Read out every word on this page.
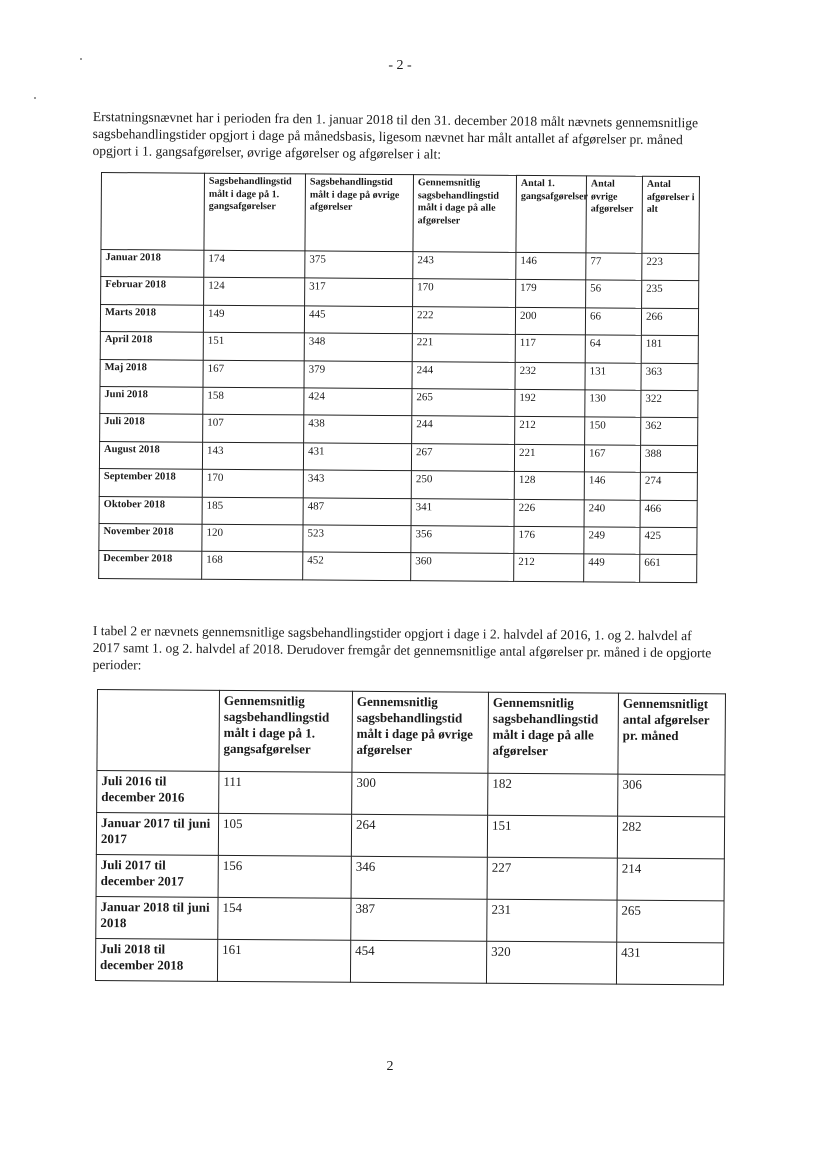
- 2 -

Erstatningsnævnet har i perioden fra den 1. januar 2018 til den 31. december 2018 målt nævnets gennemsnitlige sagsbehandlingstider opgjort i dage på månedsbasis, ligesom nævnet har målt antallet af afgørelser pr. måned opgjort i 1. gangsafgørelser, øvrige afgørelser og afgørelser i alt:

	Sagsbehandlingstid målt i dage på 1. gangsafgørelser	Sagsbehandlingstid målt i dage på øvrige afgørelser	Gennemsnitlig sagsbehandlingstid målt i dage på alle afgørelser	Antal 1. gangsafgørelser	Antal øvrige afgørelser	Antal afgørelser i alt
Januar 2018	174	375	243	146	77	223
Februar 2018	124	317	170	179	56	235
Marts 2018	149	445	222	200	66	266
April 2018	151	348	221	117	64	181
Maj 2018	167	379	244	232	131	363
Juni 2018	158	424	265	192	130	322
Juli 2018	107	438	244	212	150	362
August 2018	143	431	267	221	167	388
September 2018	170	343	250	128	146	274
Oktober 2018	185	487	341	226	240	466
November 2018	120	523	356	176	249	425
December 2018	168	452	360	212	449	661

I tabel 2 er nævnets gennemsnitlige sagsbehandlingstider opgjort i dage i 2. halvdel af 2016, 1. og 2. halvdel af 2017 samt 1. og 2. halvdel af 2018. Derudover fremgår det gennemsnitlige antal afgørelser pr. måned i de opgjorte perioder:

	Gennemsnitlig sagsbehandlingstid målt i dage på 1. gangsafgørelser	Gennemsnitlig sagsbehandlingstid målt i dage på øvrige afgørelser	Gennemsnitlig sagsbehandlingstid målt i dage på alle afgørelser	Gennemsnitligt antal afgørelser pr. måned
Juli 2016 til december 2016	111	300	182	306
Januar 2017 til juni 2017	105	264	151	282
Juli 2017 til december 2017	156	346	227	214
Januar 2018 til juni 2018	154	387	231	265
Juli 2018 til december 2018	161	454	320	431
2
